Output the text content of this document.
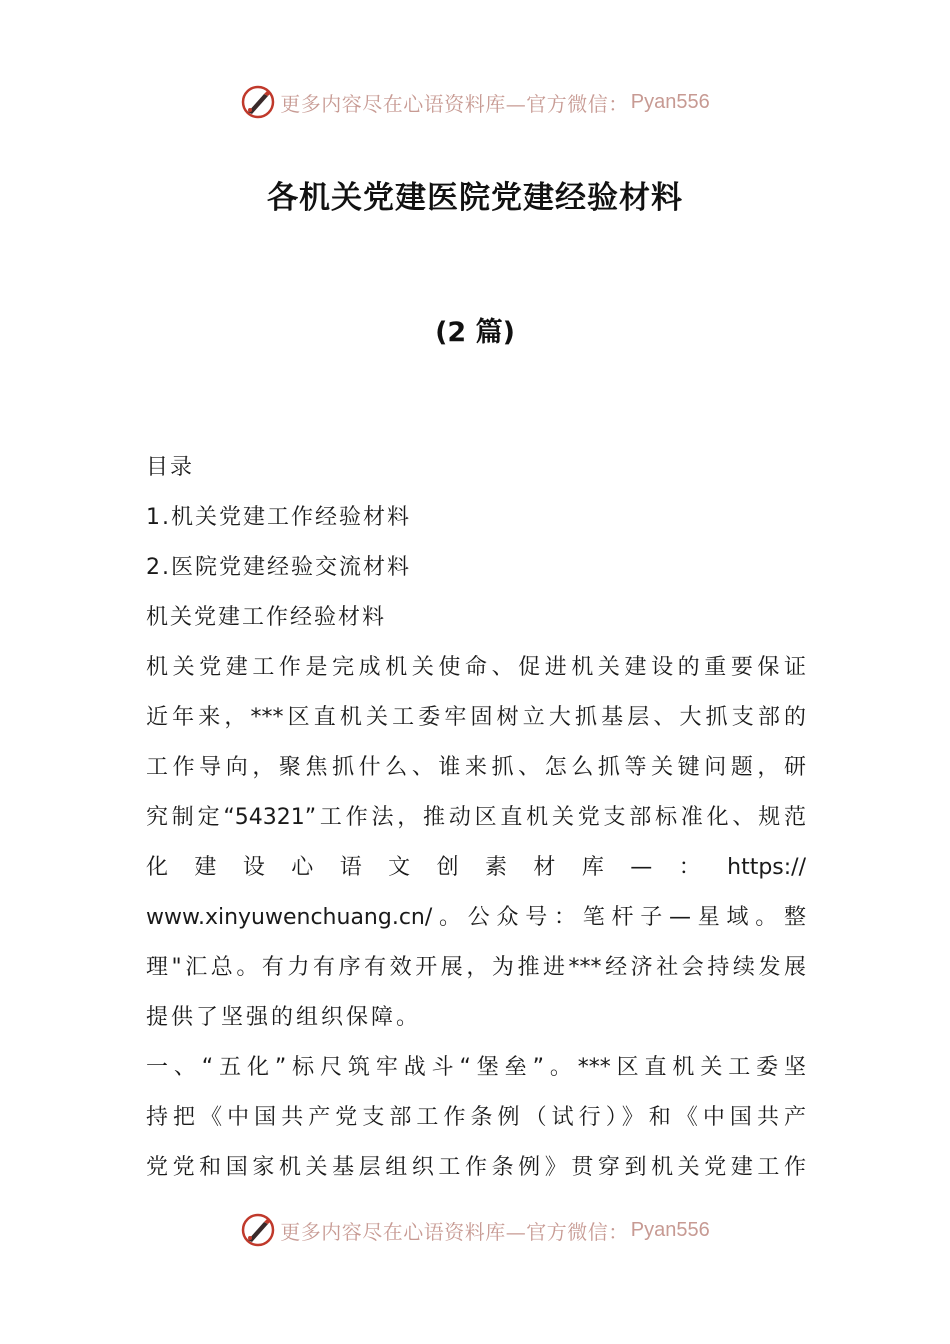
更多内容尽在心语资料库—官方微信： Pyan556
各机关党建医院党建经验材料
(2 篇)
目录
1.机关党建工作经验材料
2.医院党建经验交流材料
机关党建工作经验材料
机关党建工作是完成机关使命、促进机关建设的重要保证
近年来，***区直机关工委牢固树立大抓基层、大抓支部的
工作导向，聚焦抓什么、谁来抓、怎么抓等关键问题，研
究制定“54321”工作法，推动区直机关党支部标准化、规范
化建设心语文创素材库—：https://
www.xinyuwenchuang.cn/。公众号：笔杆子—星域。整
理"汇总。有力有序有效开展，为推进***经济社会持续发展
提供了坚强的组织保障。
一、“五化”标尺筑牢战斗“堡垒”。***区直机关工委坚
持把《中国共产党支部工作条例（试行）》和《中国共产
党党和国家机关基层组织工作条例》贯穿到机关党建工作
更多内容尽在心语资料库—官方微信： Pyan556
